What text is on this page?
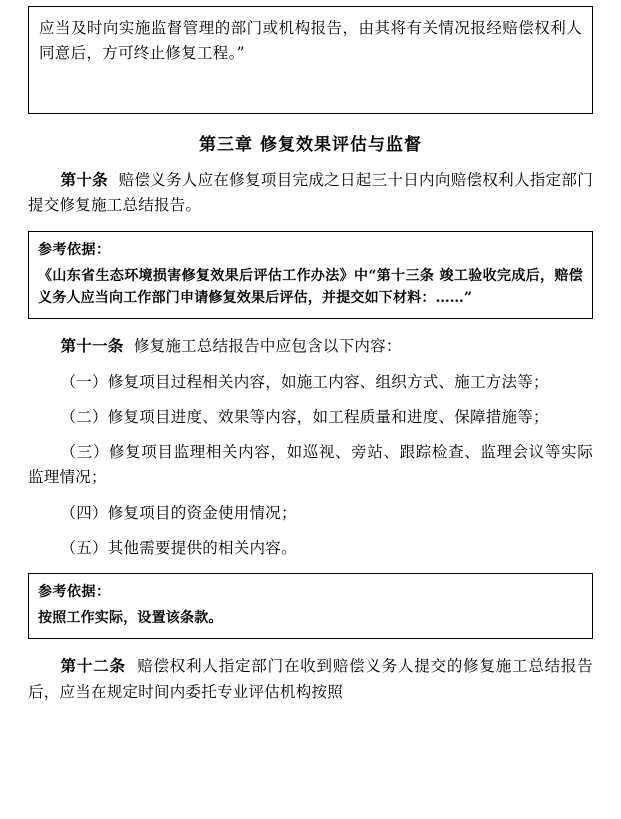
应当及时向实施监督管理的部门或机构报告，由其将有关情况报经赔偿权利人同意后，方可终止修复工程。”

第三章 修复效果评估与监督

第十条 赔偿义务人应在修复项目完成之日起三十日内向赔偿权利人指定部门提交修复施工总结报告。

参考依据：

《山东省生态环境损害修复效果后评估工作办法》中“第十三条 竣工验收完成后，赔偿义务人应当向工作部门申请修复效果后评估，并提交如下材料：……”

第十一条 修复施工总结报告中应包含以下内容：

（一）修复项目过程相关内容，如施工内容、组织方式、施工方法等；

（二）修复项目进度、效果等内容，如工程质量和进度、保障措施等；

（三）修复项目监理相关内容，如巡视、旁站、跟踪检查、监理会议等实际监理情况；

（四）修复项目的资金使用情况；

（五）其他需要提供的相关内容。

参考依据：

按照工作实际，设置该条款。

第十二条 赔偿权利人指定部门在收到赔偿义务人提交的修复施工总结报告后，应当在规定时间内委托专业评估机构按照
